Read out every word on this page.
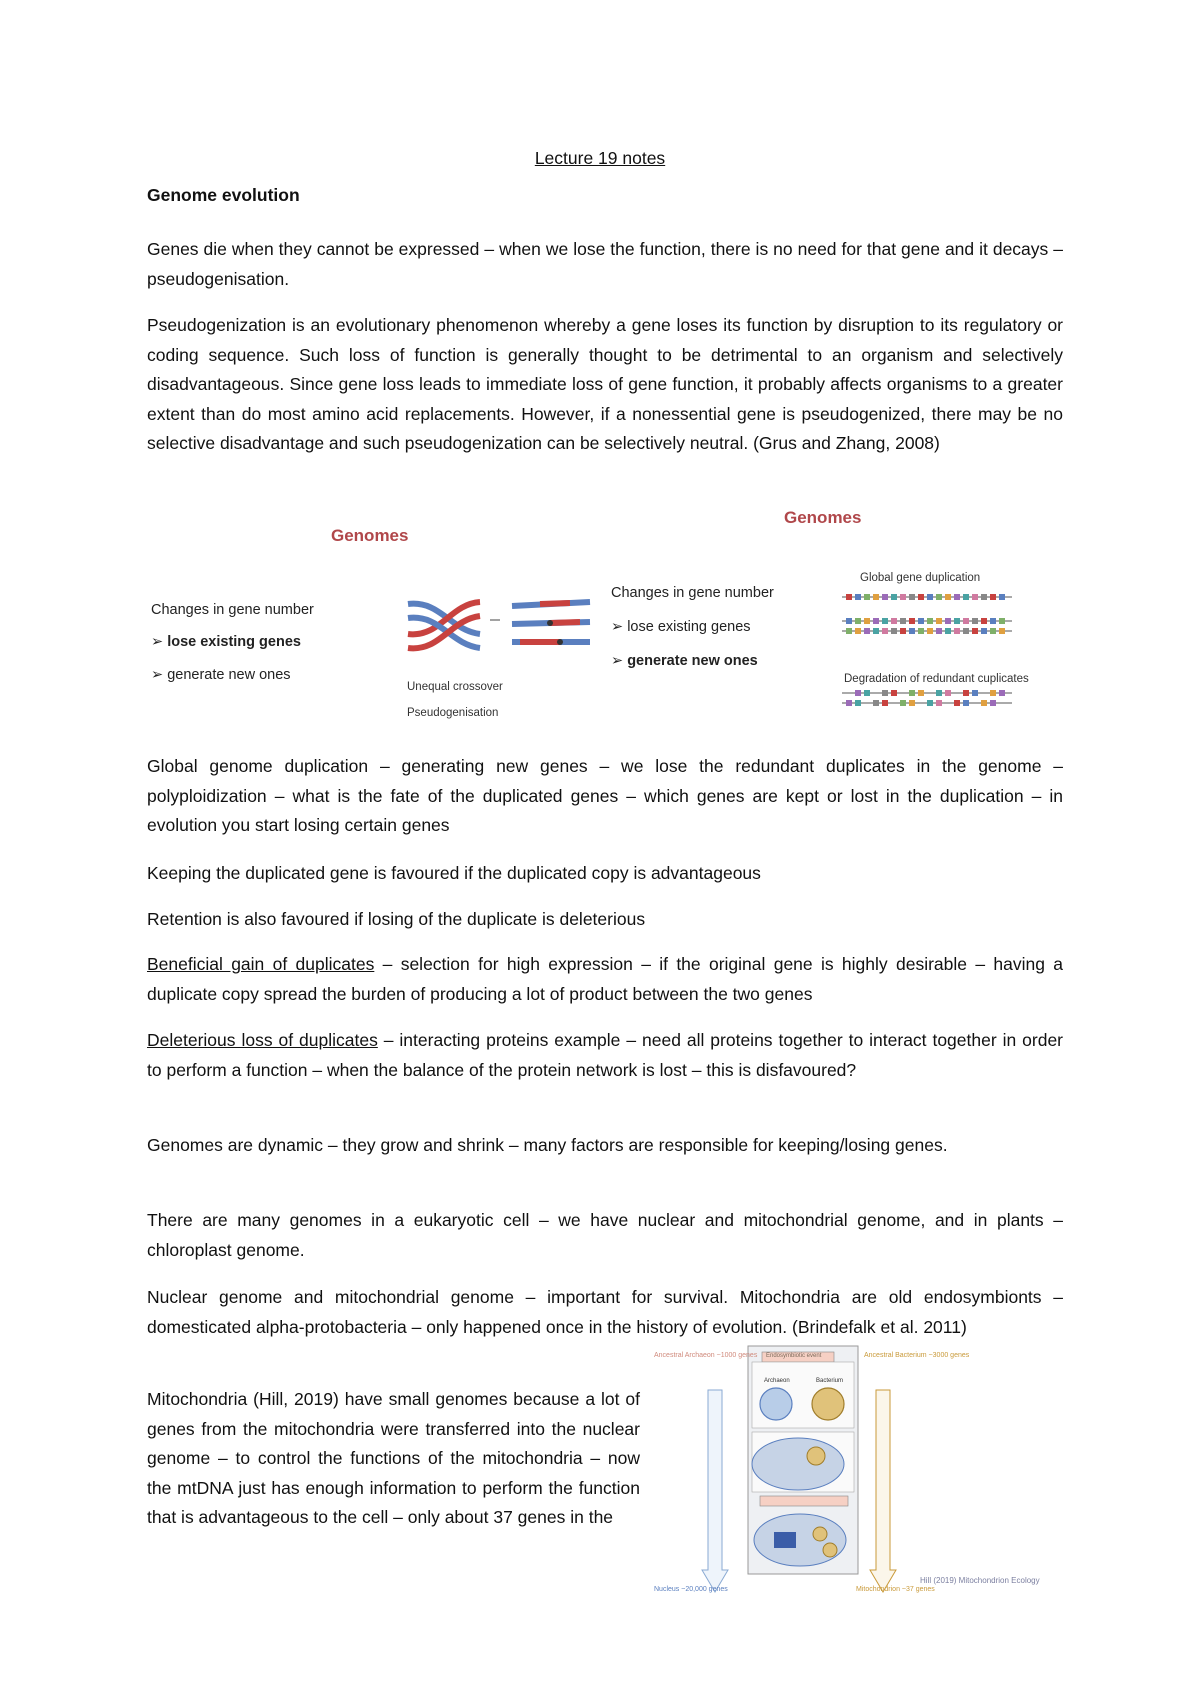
Lecture 19 notes

Genome evolution

Genes die when they cannot be expressed – when we lose the function, there is no need for that gene and it decays – pseudogenisation.

Pseudogenization is an evolutionary phenomenon whereby a gene loses its function by disruption to its regulatory or coding sequence. Such loss of function is generally thought to be detrimental to an organism and selectively disadvantageous. Since gene loss leads to immediate loss of gene function, it probably affects organisms to a greater extent than do most amino acid replacements. However, if a nonessential gene is pseudogenized, there may be no selective disadvantage and such pseudogenization can be selectively neutral. (Grus and Zhang, 2008)

Genomes
Changes in gene number
➢ lose existing genes
➢ generate new ones
Unequal crossover
Pseudogenisation
Genomes
Changes in gene number
➢ lose existing genes
➢ generate new ones
Global gene duplication
Degradation of redundant cuplicates

Global genome duplication – generating new genes – we lose the redundant duplicates in the genome – polyploidization – what is the fate of the duplicated genes – which genes are kept or lost in the duplication – in evolution you start losing certain genes

Keeping the duplicated gene is favoured if the duplicated copy is advantageous

Retention is also favoured if losing of the duplicate is deleterious

Beneficial gain of duplicates – selection for high expression – if the original gene is highly desirable – having a duplicate copy spread the burden of producing a lot of product between the two genes

Deleterious loss of duplicates – interacting proteins example – need all proteins together to interact together in order to perform a function – when the balance of the protein network is lost – this is disfavoured?

Genomes are dynamic – they grow and shrink – many factors are responsible for keeping/losing genes.

There are many genomes in a eukaryotic cell – we have nuclear and mitochondrial genome, and in plants – chloroplast genome.

Nuclear genome and mitochondrial genome – important for survival. Mitochondria are old endosymbionts – domesticated alpha-protobacteria – only happened once in the history of evolution. (Brindefalk et al. 2011)

Mitochondria (Hill, 2019) have small genomes because a lot of genes from the mitochondria were transferred into the nuclear genome – to control the functions of the mitochondria – now the mtDNA just has enough information to perform the function that is advantageous to the cell – only about 37 genes in the

Ancestral Archaeon ~1000 genes	Ancestral Bacterium ~3000 genes
Endosymbiotic event
Archaeon	Bacterium
Nucleus ~20,000 genes	Mitochondrion ~37 genes
Hill (2019) Mitochondrion Ecology
